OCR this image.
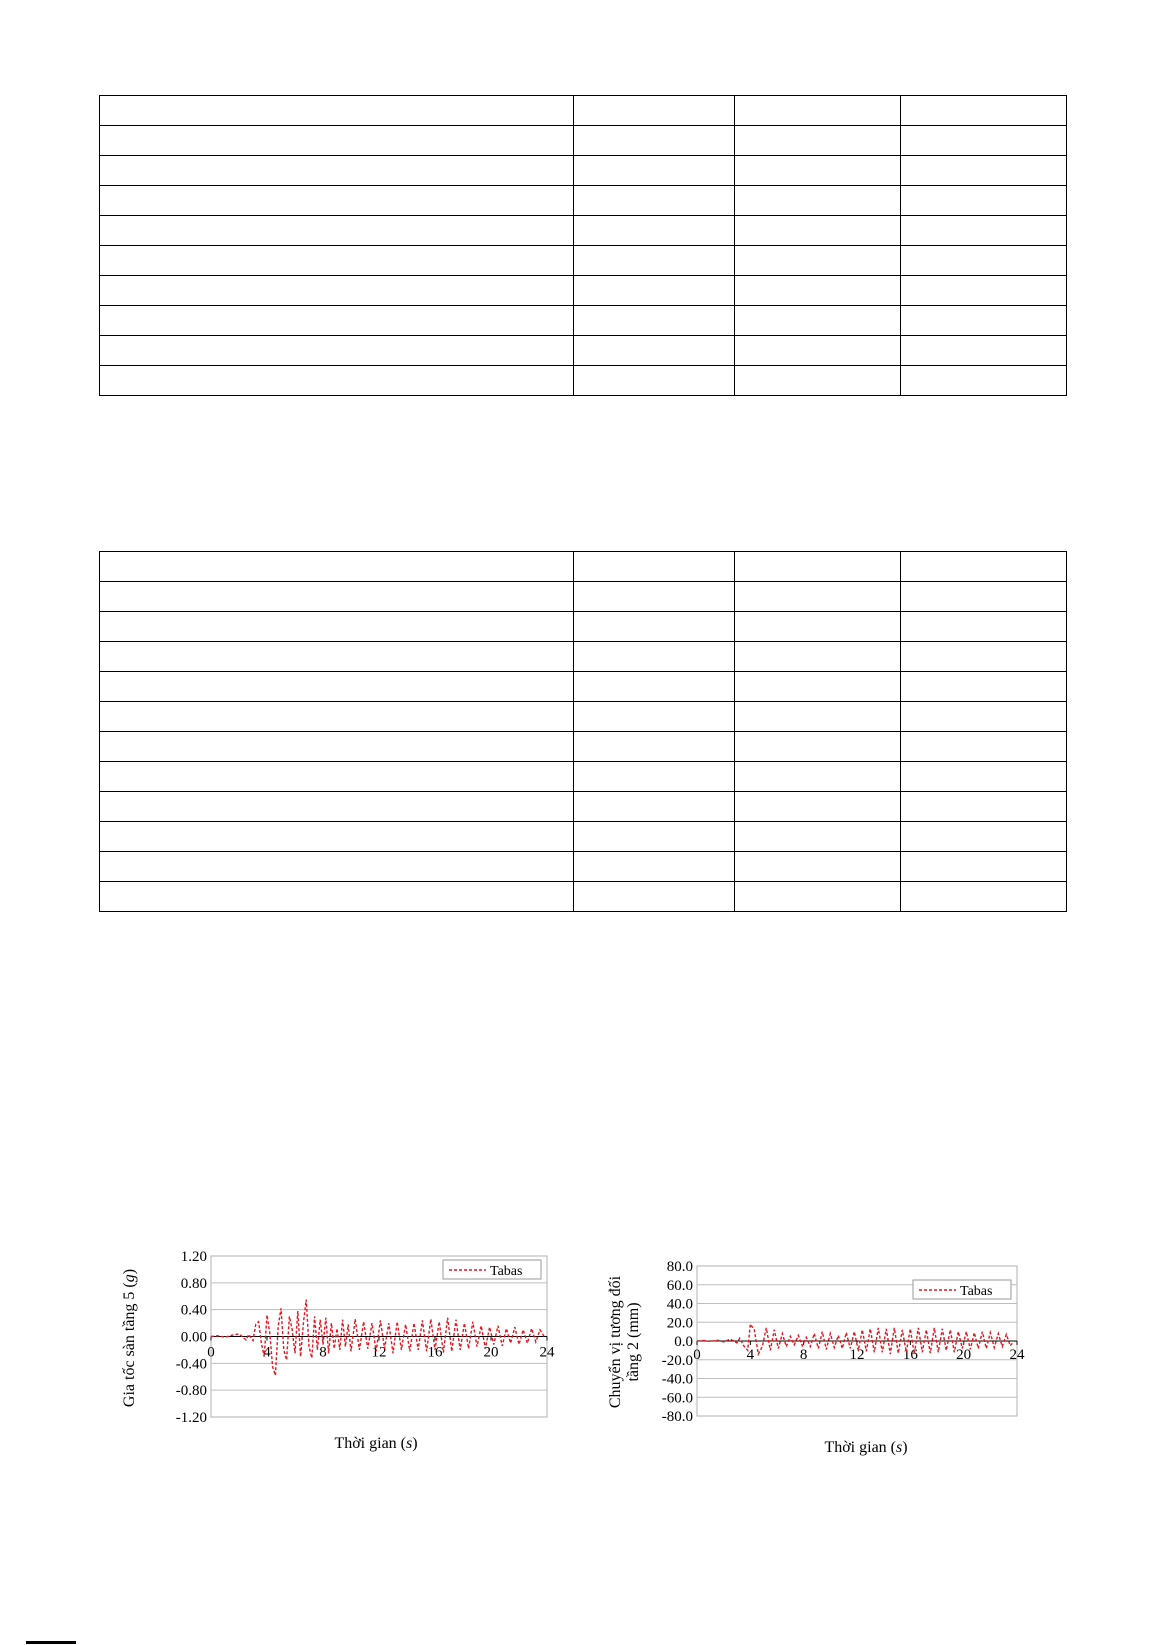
1.20
0.80
0.40
0.00
-0.40
-0.80
-1.20
0	4	8	12	16	20	24
Tabas
Gia tốc sàn tầng 5 (g)
Thời gian (s)
80.0
60.0
40.0
20.0
0.0
-20.0
-40.0
-60.0
-80.0
0	4	8	12	16	20	24
Tabas
Chuyển vị tương đối tầng 2 (mm)
Thời gian (s)
